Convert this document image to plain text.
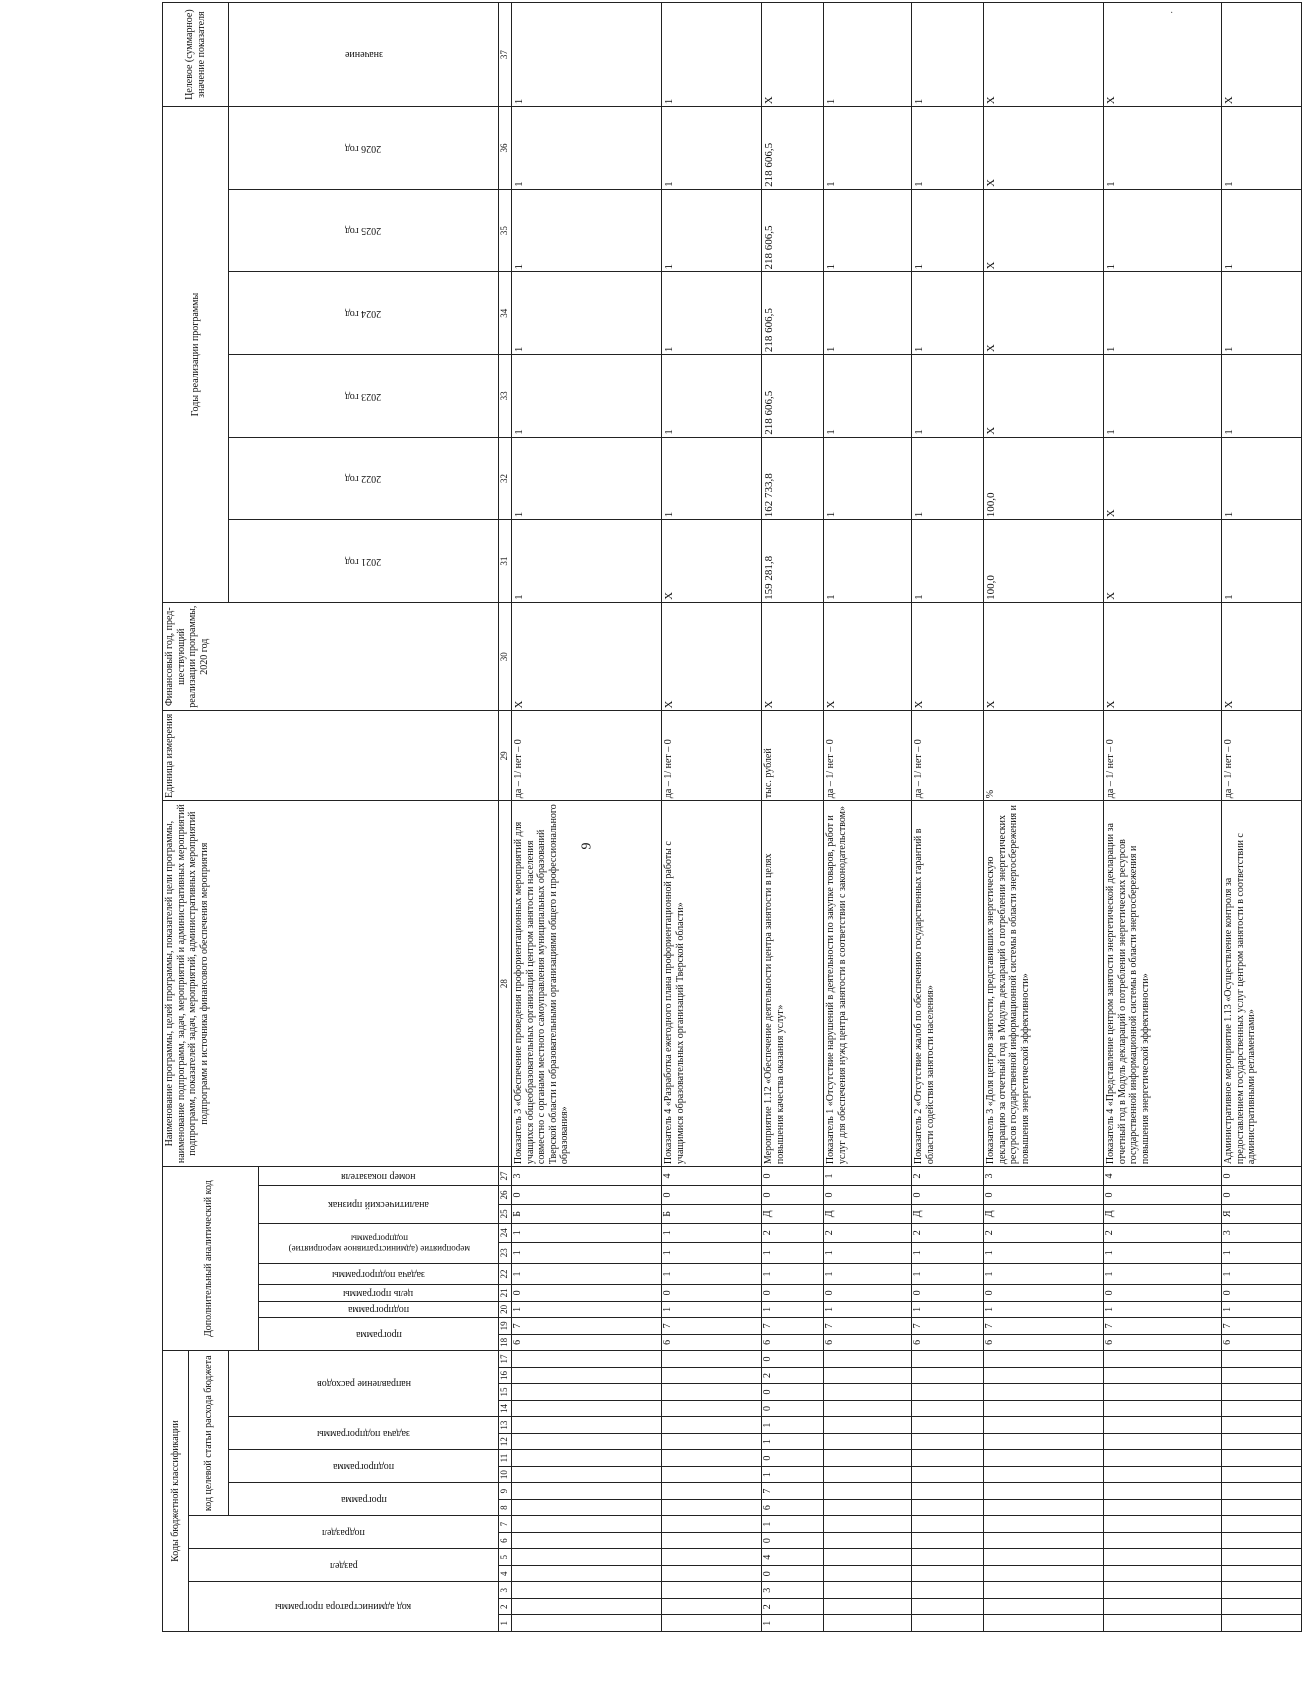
9
Коды бюджетной классификации																	Дополнительный аналитический код										Наименование программы, целей программы, показателей цели программы, наименование подпрограмм, задач, мероприятий и административных мероприятий подпрограмм, показателей задач, мероприятий, административных мероприятий подпрограмм и источника финансового обеспечения мероприятия	Единица измерения	Финансовый год, пред-шествующий реализации программы, 2020 год	Годы реализации программы						Целевое (суммарное) значение показателя

код администратора программы			раздел		подраздел		код целевой статьи расхода бюджета																													

							программа		подпрограмма		задача подпрограммы		направление расходов																	2021 год	2022 год	2023 год	2024 год	2025 год	2026 год	значение

																	программа		подпрограмма	цель программы	задача подпрограммы	мероприятие (административное мероприятие) подпрограммы		аналитический признак		номер показателя										

1	2	3	4	5	6	7	8	9	10	11	12	13	14	15	16	17	18	19	20	21	22	23	24	25	26	27	28	29	30	31	32	33	34	35	36	37
																	6	7	1	0	1	1	1	Б	0	3	Показатель 3 «Обеспечение проведения профориентационных мероприятий для учащихся общеобразовательных организаций центром занятости населения совместно с органами местного самоуправления муниципальных образований Тверской области и образовательными организациями общего и профессионального образования»	да – 1/ нет – 0	Х	1	1	1	1	1	1	1
																	6	7	1	0	1	1	1	Б	0	4	Показатель 4 «Разработка ежегодного плана профориентационной работы с учащимися образовательных организаций Тверской области»	да – 1/ нет – 0	Х	Х	1	1	1	1	1	1
1	2	3	0	4	0	1	6	7	1	0	1	1	0	0	2	0	6	7	1	0	1	1	2	Д	0	0	Мероприятие 1.12 «Обеспечение деятельности центра занятости в целях повышения качества оказания услуг»	тыс. рублей	Х	159 281,8	162 733,8	218 606,5	218 606,5	218 606,5	218 606,5	Х
																	6	7	1	0	1	1	2	Д	0	1	Показатель 1 «Отсутствие нарушений в деятельности по закупке товаров, работ и услуг для обеспечения нужд центра занятости в соответствии с законодательством»	да – 1/ нет – 0	Х	1	1	1	1	1	1	1
																	6	7	1	0	1	1	2	Д	0	2	Показатель 2 «Отсутствие жалоб по обеспечению государственных гарантий в области содействия занятости населения»	да – 1/ нет – 0	Х	1	1	1	1	1	1	1
																	6	7	1	0	1	1	2	Д	0	3	Показатель 3 «Доля центров занятости, представивших энергетическую декларацию за отчетный год в Модуль деклараций о потреблении энергетических ресурсов государственной информационной системы в области энергосбережения и повышения энергетической эффективности»	%	Х	100,0	100,0	Х	Х	Х	Х	Х
																	6	7	1	0	1	1	2	Д	0	4	Показатель 4 «Представление центром занятости энергетической декларации за отчетный год в Модуль деклараций о потреблении энергетических ресурсов государственной информационной системы в области энергосбережения и повышения энергетической эффективности»	да – 1/ нет – 0	Х	Х	Х	1	1	1	1	Х
																	6	7	1	0	1	1	3	Я	0	0	Административное мероприятие 1.13 «Осуществление контроля за предоставлением государственных услуг центром занятости в соответствии с административными регламентами»	да – 1/ нет – 0	Х	1	1	1	1	1	1	Х
·
